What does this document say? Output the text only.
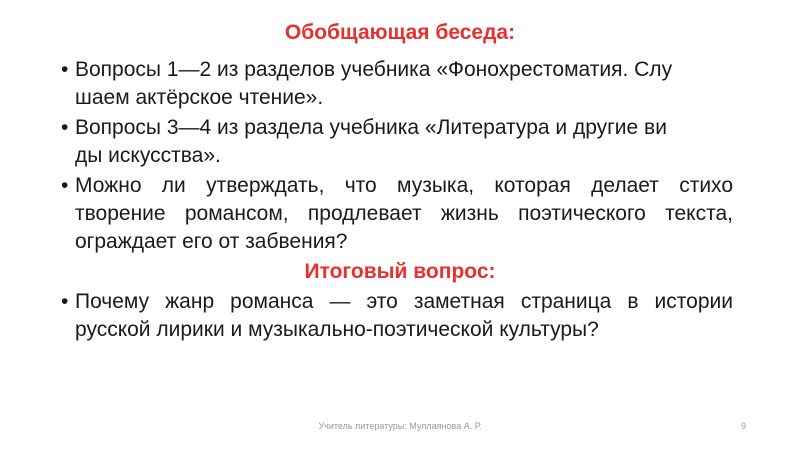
Обобщающая беседа:
• Вопросы 1—2 из разделов учебника «Фонохрестоматия. Слу
шаем актёрское чтение».
• Вопросы 3—4 из раздела учебника «Литература и другие ви
ды искусства».
• Можно ли утверждать, что музыка, которая делает стихо
творение романсом, продлевает жизнь поэтического текста,
ограждает его от забвения?
Итоговый вопрос:
• Почему жанр романса — это заметная страница в истории
русской лирики и музыкально-поэтической культуры?
Учитель литературы: Муллаянова А. Р.	9
